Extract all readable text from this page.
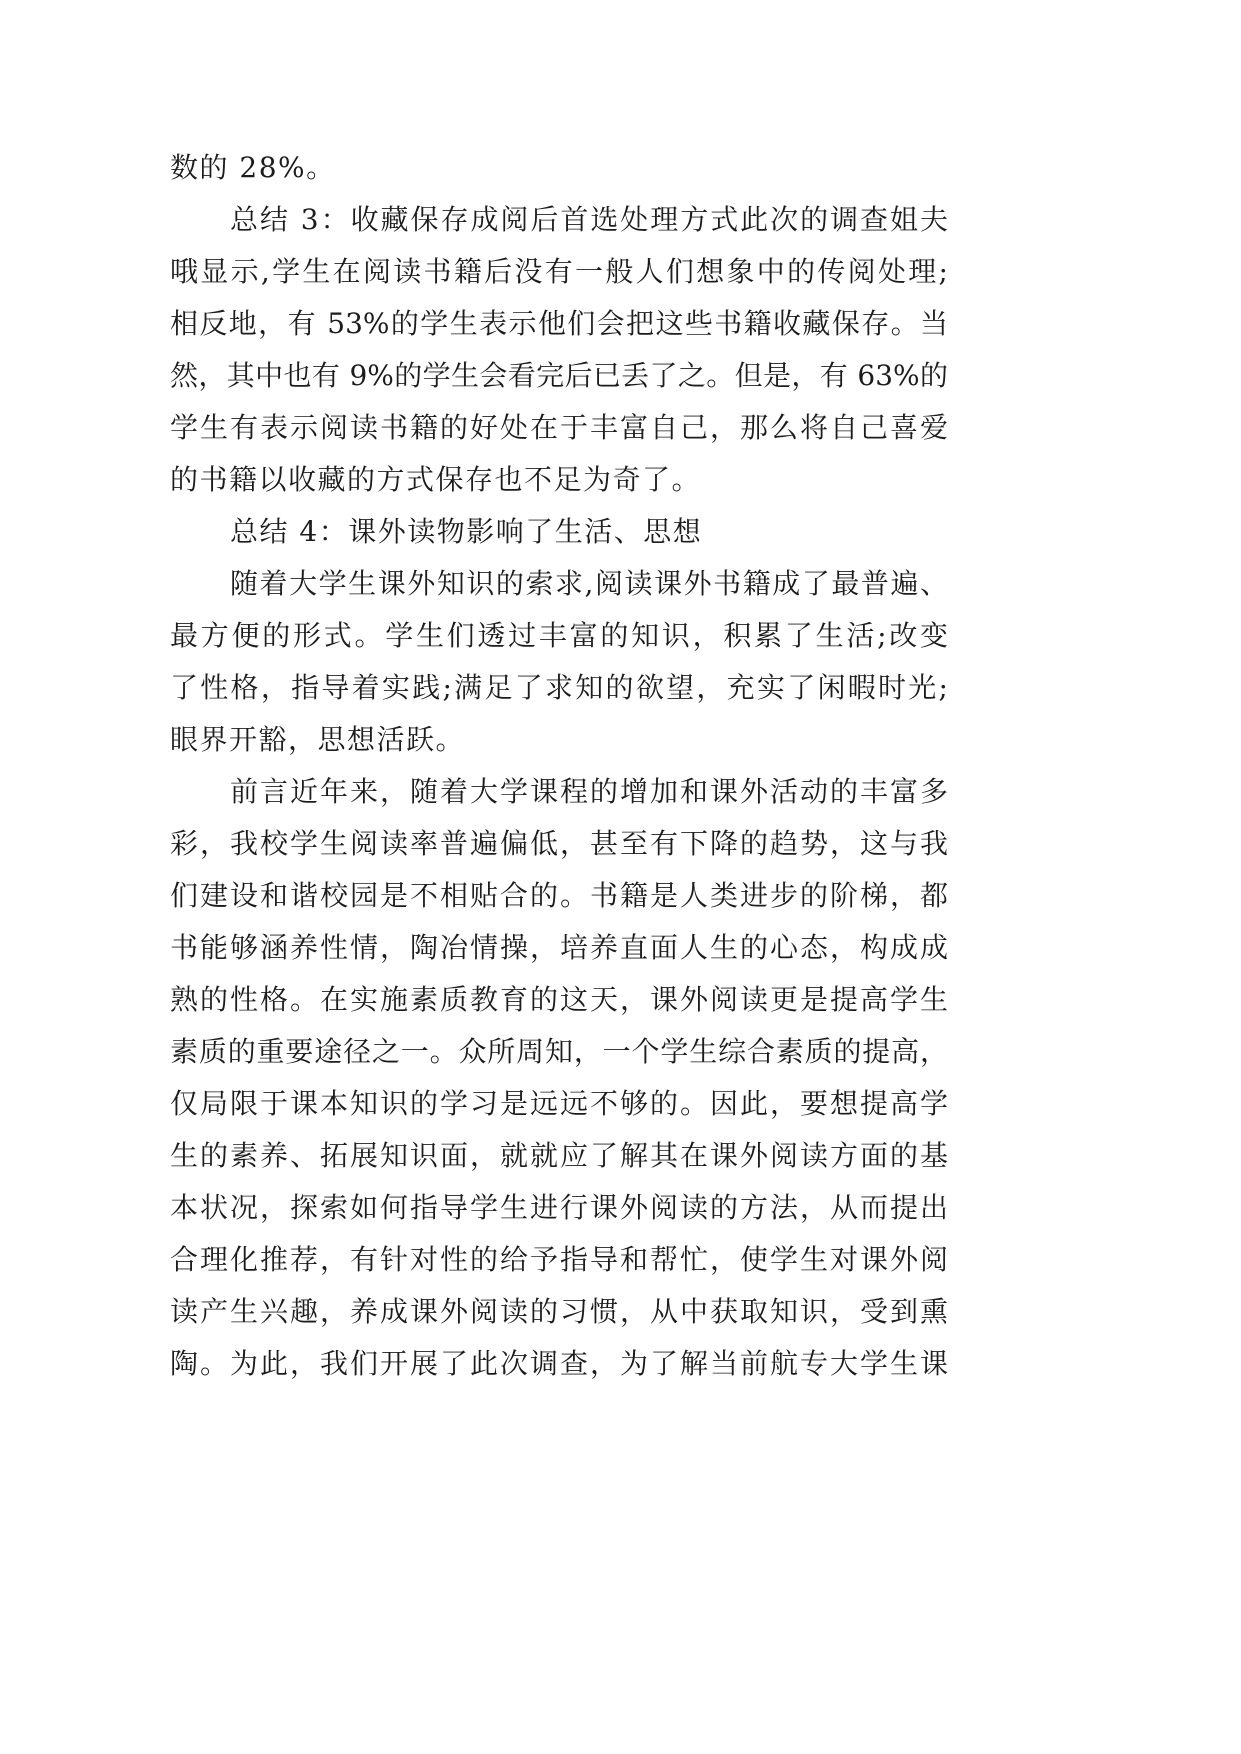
数的 28%。
总结 3：收藏保存成阅后首选处理方式此次的调查姐夫
哦显示,学生在阅读书籍后没有一般人们想象中的传阅处理;
相反地，有 53%的学生表示他们会把这些书籍收藏保存。当
然，其中也有 9%的学生会看完后已丢了之。但是，有 63%的
学生有表示阅读书籍的好处在于丰富自己，那么将自己喜爱
的书籍以收藏的方式保存也不足为奇了。
总结 4：课外读物影响了生活、思想
随着大学生课外知识的索求,阅读课外书籍成了最普遍、
最方便的形式。学生们透过丰富的知识，积累了生活;改变
了性格，指导着实践;满足了求知的欲望，充实了闲暇时光;
眼界开豁，思想活跃。
前言近年来，随着大学课程的增加和课外活动的丰富多
彩，我校学生阅读率普遍偏低，甚至有下降的趋势，这与我
们建设和谐校园是不相贴合的。书籍是人类进步的阶梯，都
书能够涵养性情，陶冶情操，培养直面人生的心态，构成成
熟的性格。在实施素质教育的这天，课外阅读更是提高学生
素质的重要途径之一。众所周知，一个学生综合素质的提高，
仅局限于课本知识的学习是远远不够的。因此，要想提高学
生的素养、拓展知识面，就就应了解其在课外阅读方面的基
本状况，探索如何指导学生进行课外阅读的方法，从而提出
合理化推荐，有针对性的给予指导和帮忙，使学生对课外阅
读产生兴趣，养成课外阅读的习惯，从中获取知识，受到熏
陶。为此，我们开展了此次调查，为了解当前航专大学生课
